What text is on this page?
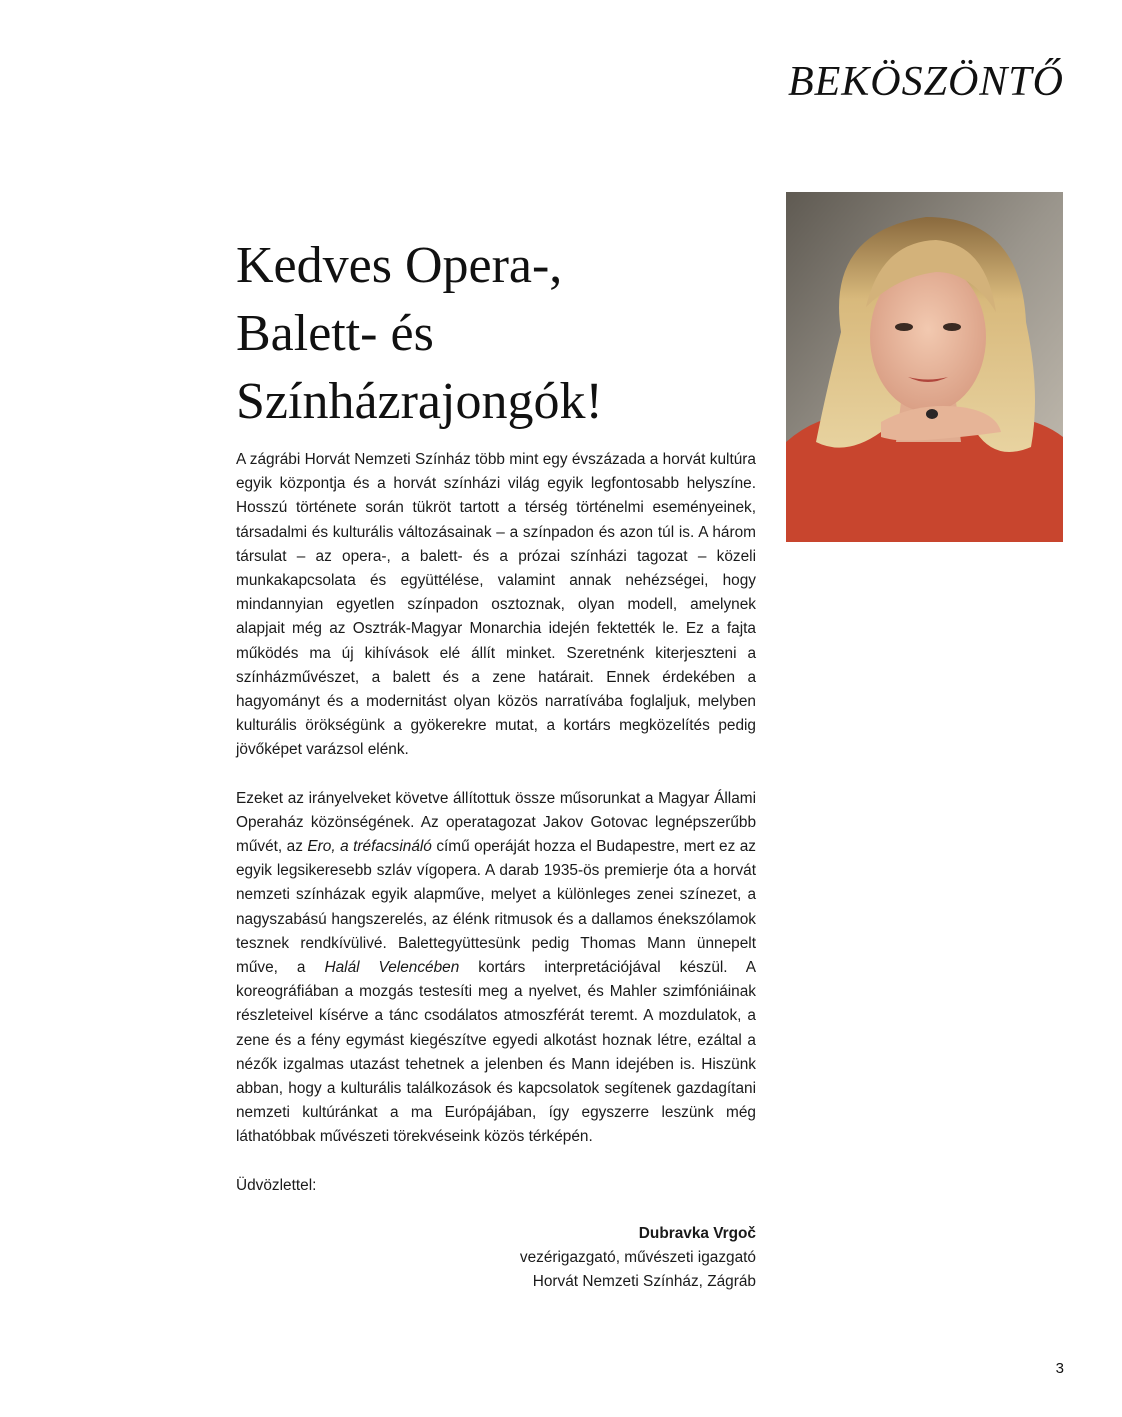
BEKÖSZÖNTŐ
Kedves Opera-,
Balett- és
Színházrajongók!

A zágrábi Horvát Nemzeti Színház több mint egy évszázada a horvát kultúra egyik központja és a horvát színházi világ egyik legfontosabb helyszíne. Hosszú története során tükröt tartott a térség történelmi eseményeinek, társadalmi és kulturális változásainak – a színpadon és azon túl is. A három társulat – az opera-, a balett- és a prózai színházi tagozat – közeli munkakapcsolata és együttélése, valamint annak nehézségei, hogy mindannyian egyetlen színpadon osztoznak, olyan modell, amelynek alapjait még az Osztrák-Magyar Monarchia idején fektették le. Ez a fajta működés ma új kihívások elé állít minket. Szeretnénk kiterjeszteni a színházművészet, a balett és a zene határait. Ennek érdekében a hagyományt és a modernitást olyan közös narratívába foglaljuk, melyben kulturális örökségünk a gyökerekre mutat, a kortárs megközelítés pedig jövőképet varázsol elénk.

Ezeket az irányelveket követve állítottuk össze műsorunkat a Magyar Állami Operaház közönségének. Az operatagozat Jakov Gotovac legnépszerűbb művét, az Ero, a tréfacsináló című operáját hozza el Budapestre, mert ez az egyik legsikeresebb szláv vígopera. A darab 1935-ös premierje óta a horvát nemzeti színházak egyik alapműve, melyet a különleges zenei színezet, a nagyszabású hangszerelés, az élénk ritmusok és a dallamos énekszólamok tesznek rendkívülivé. Balettegyüttesünk pedig Thomas Mann ünnepelt műve, a Halál Velencében kortárs interpretációjával készül. A koreográfiában a mozgás testesíti meg a nyelvet, és Mahler szimfóniáinak részleteivel kísérve a tánc csodálatos atmoszférát teremt. A mozdulatok, a zene és a fény egymást kiegészítve egyedi alkotást hoznak létre, ezáltal a nézők izgalmas utazást tehetnek a jelenben és Mann idejében is. Hiszünk abban, hogy a kulturális találkozások és kapcsolatok segítenek gazdagítani nemzeti kultúránkat a ma Európájában, így egyszerre leszünk még láthatóbbak művészeti törekvéseink közös térképén.

Üdvözlettel:

Dubravka Vrgoč
vezérigazgató, művészeti igazgató
Horvát Nemzeti Színház, Zágráb
3
